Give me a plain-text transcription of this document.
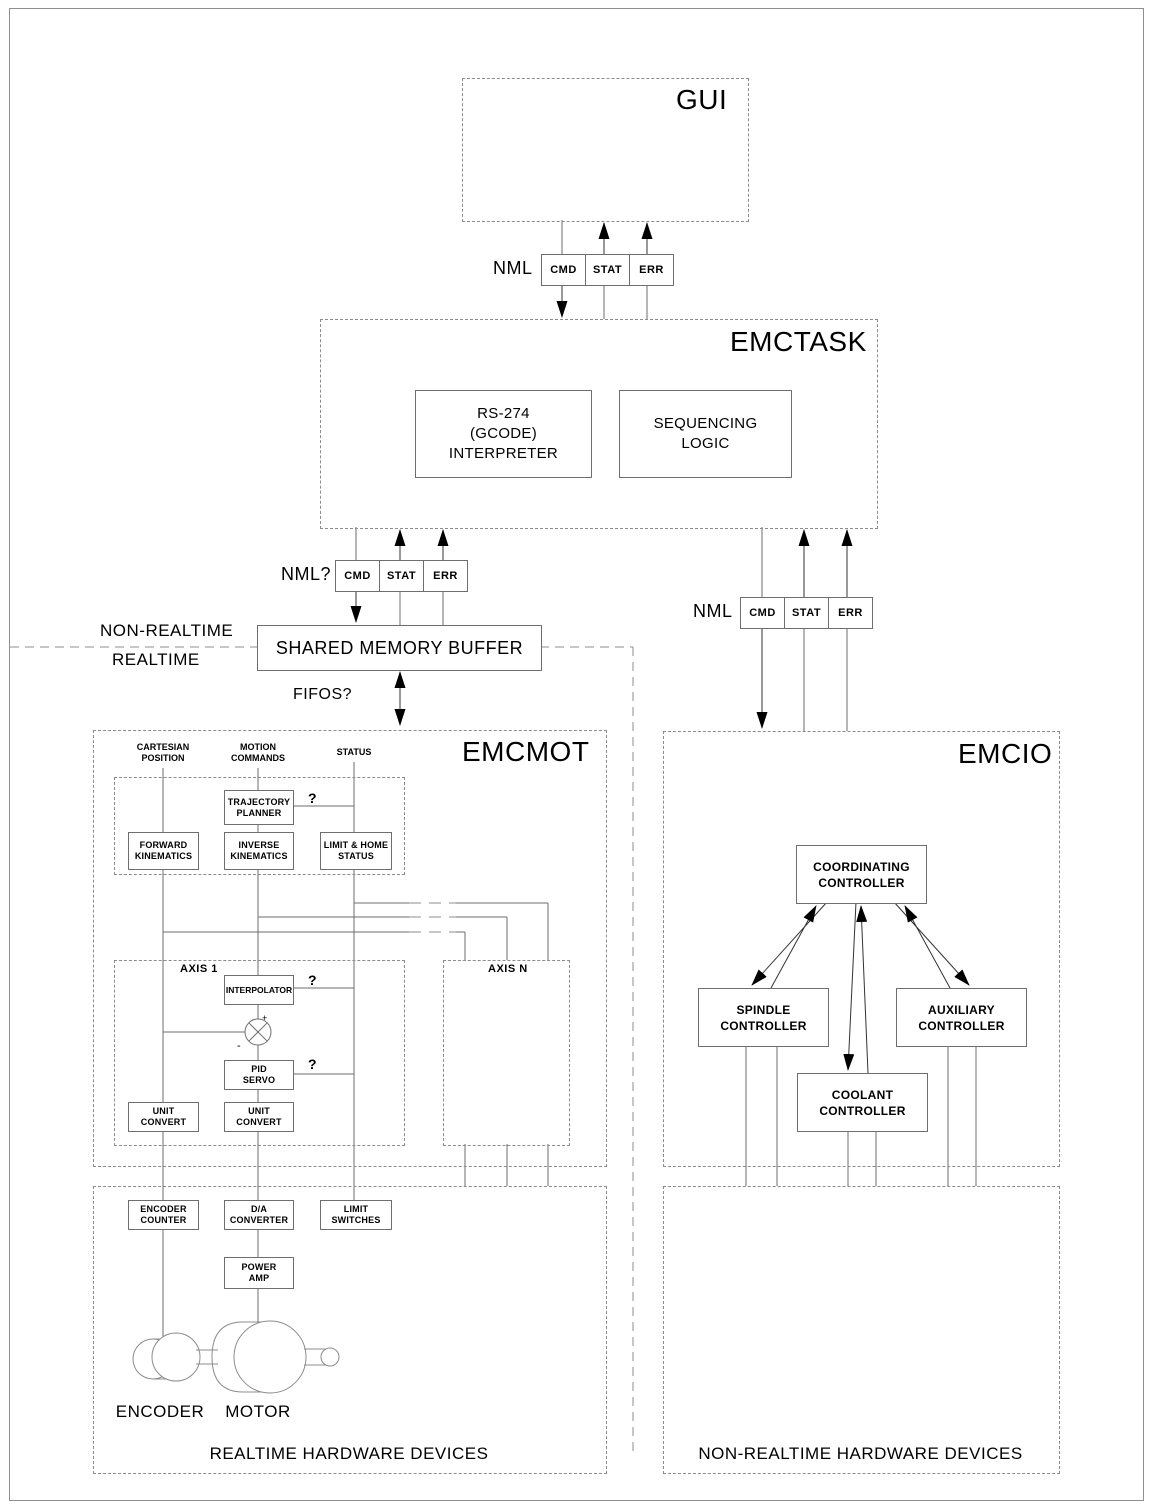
+
-
GUI
EMCTASK
EMCMOT	EMCIO
NML CMD STAT ERR
NML? CMD STAT ERR
NML CMD STAT ERR
RS-274
(GCODE)
INTERPRETER
SEQUENCING
LOGIC
SHARED MEMORY BUFFER
NON-REALTIME
REALTIME
FIFOS?
CARTESIAN
POSITION
MOTION
COMMANDS
STATUS
TRAJECTORY
PLANNER
?
FORWARD
KINEMATICS
INVERSE
KINEMATICS
LIMIT & HOME
STATUS
AXIS 1	AXIS N
INTERPOLATOR
?
PID
SERVO
?
UNIT
CONVERT
UNIT
CONVERT
COORDINATING
CONTROLLER
SPINDLE
CONTROLLER
AUXILIARY
CONTROLLER
COOLANT
CONTROLLER
ENCODER
COUNTER
D/A
CONVERTER
LIMIT
SWITCHES
POWER
AMP
ENCODER	MOTOR
REALTIME HARDWARE DEVICES	NON-REALTIME HARDWARE DEVICES
